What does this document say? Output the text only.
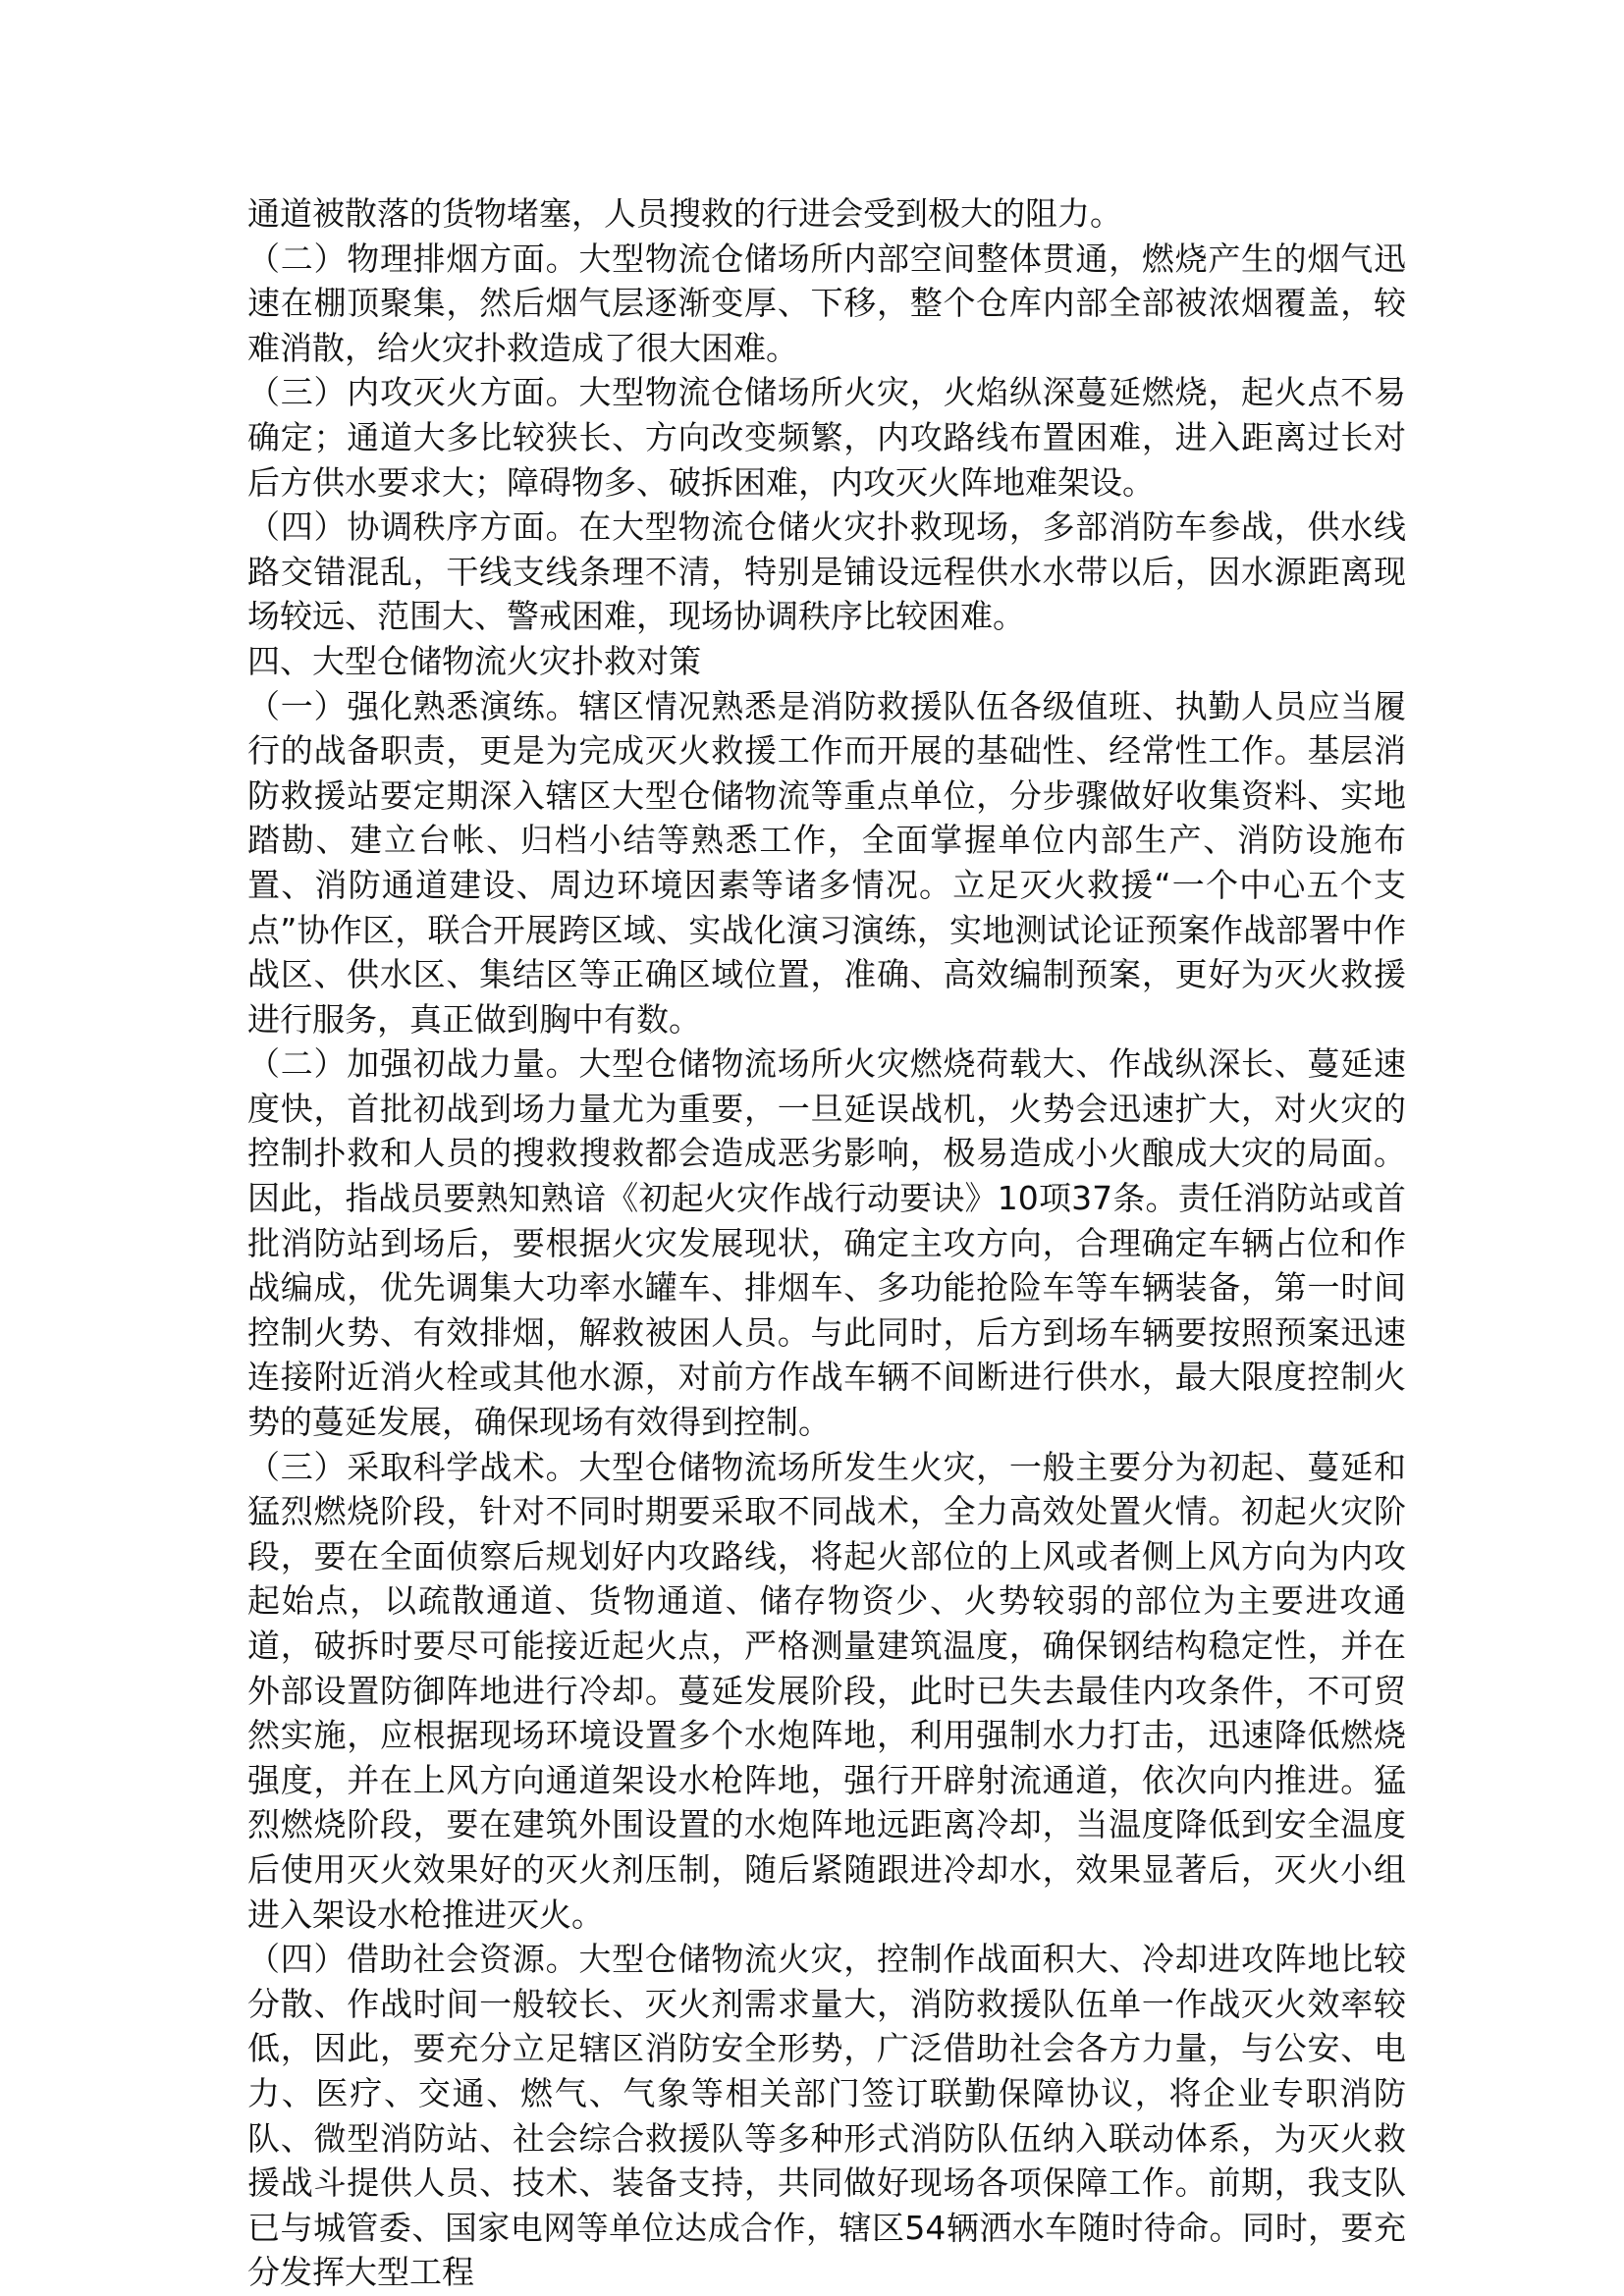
通道被散落的货物堵塞，人员搜救的行进会受到极大的阻力。

（二）物理排烟方面。大型物流仓储场所内部空间整体贯通，燃烧产生的烟气迅速在棚顶聚集，然后烟气层逐渐变厚、下移，整个仓库内部全部被浓烟覆盖，较难消散，给火灾扑救造成了很大困难。

（三）内攻灭火方面。大型物流仓储场所火灾，火焰纵深蔓延燃烧，起火点不易确定；通道大多比较狭长、方向改变频繁，内攻路线布置困难，进入距离过长对后方供水要求大；障碍物多、破拆困难，内攻灭火阵地难架设。

（四）协调秩序方面。在大型物流仓储火灾扑救现场，多部消防车参战，供水线路交错混乱，干线支线条理不清，特别是铺设远程供水水带以后，因水源距离现场较远、范围大、警戒困难，现场协调秩序比较困难。

四、大型仓储物流火灾扑救对策

（一）强化熟悉演练。辖区情况熟悉是消防救援队伍各级值班、执勤人员应当履行的战备职责，更是为完成灭火救援工作而开展的基础性、经常性工作。基层消防救援站要定期深入辖区大型仓储物流等重点单位，分步骤做好收集资料、实地踏勘、建立台帐、归档小结等熟悉工作，全面掌握单位内部生产、消防设施布置、消防通道建设、周边环境因素等诸多情况。立足灭火救援“一个中心五个支点”协作区，联合开展跨区域、实战化演习演练，实地测试论证预案作战部署中作战区、供水区、集结区等正确区域位置，准确、高效编制预案，更好为灭火救援进行服务，真正做到胸中有数。

（二）加强初战力量。大型仓储物流场所火灾燃烧荷载大、作战纵深长、蔓延速度快，首批初战到场力量尤为重要，一旦延误战机，火势会迅速扩大，对火灾的控制扑救和人员的搜救搜救都会造成恶劣影响，极易造成小火酿成大灾的局面。因此，指战员要熟知熟谙《初起火灾作战行动要诀》10项37条。责任消防站或首批消防站到场后，要根据火灾发展现状，确定主攻方向，合理确定车辆占位和作战编成，优先调集大功率水罐车、排烟车、多功能抢险车等车辆装备，第一时间控制火势、有效排烟，解救被困人员。与此同时，后方到场车辆要按照预案迅速连接附近消火栓或其他水源，对前方作战车辆不间断进行供水，最大限度控制火势的蔓延发展，确保现场有效得到控制。

（三）采取科学战术。大型仓储物流场所发生火灾，一般主要分为初起、蔓延和猛烈燃烧阶段，针对不同时期要采取不同战术，全力高效处置火情。初起火灾阶段，要在全面侦察后规划好内攻路线，将起火部位的上风或者侧上风方向为内攻起始点，以疏散通道、货物通道、储存物资少、火势较弱的部位为主要进攻通道，破拆时要尽可能接近起火点，严格测量建筑温度，确保钢结构稳定性，并在外部设置防御阵地进行冷却。蔓延发展阶段，此时已失去最佳内攻条件，不可贸然实施，应根据现场环境设置多个水炮阵地，利用强制水力打击，迅速降低燃烧强度，并在上风方向通道架设水枪阵地，强行开辟射流通道，依次向内推进。猛烈燃烧阶段，要在建筑外围设置的水炮阵地远距离冷却，当温度降低到安全温度后使用灭火效果好的灭火剂压制，随后紧随跟进冷却水，效果显著后，灭火小组进入架设水枪推进灭火。

（四）借助社会资源。大型仓储物流火灾，控制作战面积大、冷却进攻阵地比较分散、作战时间一般较长、灭火剂需求量大，消防救援队伍单一作战灭火效率较低，因此，要充分立足辖区消防安全形势，广泛借助社会各方力量，与公安、电力、医疗、交通、燃气、气象等相关部门签订联勤保障协议，将企业专职消防队、微型消防站、社会综合救援队等多种形式消防队伍纳入联动体系，为灭火救援战斗提供人员、技术、装备支持，共同做好现场各项保障工作。前期，我支队已与城管委、国家电网等单位达成合作，辖区54辆洒水车随时待命。同时，要充分发挥大型工程
